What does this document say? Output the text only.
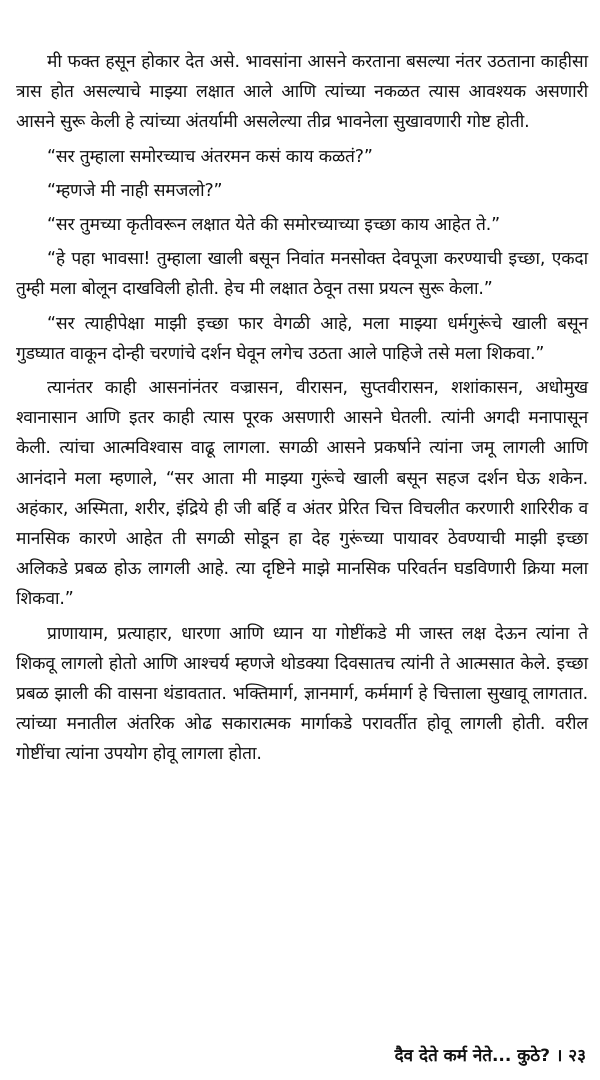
मी फक्त हसून होकार देत असे. भावसांना आसने करताना बसल्या नंतर उठताना काहीसा त्रास होत असल्याचे माझ्या लक्षात आले आणि त्यांच्या नकळत त्यास आवश्यक असणारी आसने सुरू केली हे त्यांच्या अंतर्यामी असलेल्या तीव्र भावनेला सुखावणारी गोष्ट होती.

“सर तुम्हाला समोरच्याच अंतरमन कसं काय कळतं?”

“म्हणजे मी नाही समजलो?”

“सर तुमच्या कृतीवरून लक्षात येते की समोरच्याच्या इच्छा काय आहेत ते.”

“हे पहा भावसा! तुम्हाला खाली बसून निवांत मनसोक्त देवपूजा करण्याची इच्छा, एकदा तुम्ही मला बोलून दाखविली होती. हेच मी लक्षात ठेवून तसा प्रयत्न सुरू केला.”

“सर त्याहीपेक्षा माझी इच्छा फार वेगळी आहे, मला माझ्या धर्मगुरूंचे खाली बसून गुडघ्यात वाकून दोन्ही चरणांचे दर्शन घेवून लगेच उठता आले पाहिजे तसे मला शिकवा.”

त्यानंतर काही आसनांनंतर वज्रासन, वीरासन, सुप्तवीरासन, शशांकासन, अधोमुख श्वानासान आणि इतर काही त्यास पूरक असणारी आसने घेतली. त्यांनी अगदी मनापासून केली. त्यांचा आत्मविश्वास वाढू लागला. सगळी आसने प्रकर्षाने त्यांना जमू लागली आणि आनंदाने मला म्हणाले, “सर आता मी माझ्या गुरूंचे खाली बसून सहज दर्शन घेऊ शकेन. अहंकार, अस्मिता, शरीर, इंद्रिये ही जी बर्हि व अंतर प्रेरित चित्त विचलीत करणारी शारिरीक व मानसिक कारणे आहेत ती सगळी सोडून हा देह गुरूंच्या पायावर ठेवण्याची माझी इच्छा अलिकडे प्रबळ होऊ लागली आहे. त्या दृष्टिने माझे मानसिक परिवर्तन घडविणारी क्रिया मला शिकवा.”

प्राणायाम, प्रत्याहार, धारणा आणि ध्यान या गोष्टींकडे मी जास्त लक्ष देऊन त्यांना ते शिकवू लागलो होतो आणि आश्चर्य म्हणजे थोडक्या दिवसातच त्यांनी ते आत्मसात केले. इच्छा प्रबळ झाली की वासना थंडावतात. भक्तिमार्ग, ज्ञानमार्ग, कर्ममार्ग हे चित्ताला सुखावू लागतात. त्यांच्या मनातील अंतरिक ओढ सकारात्मक मार्गाकडे परावर्तीत होवू लागली होती. वरील गोष्टींचा त्यांना उपयोग होवू लागला होता.

दैव देते कर्म नेते... कुठे? । २३
